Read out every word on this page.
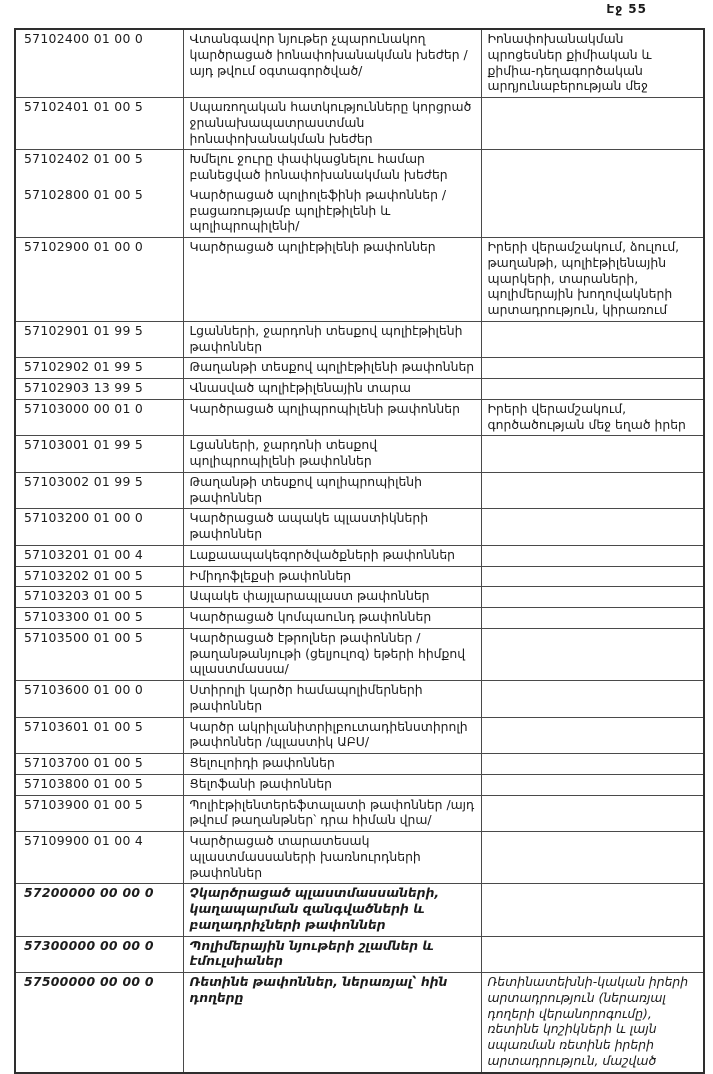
Էջ 55
57102400 01 00 0	Վտանգավոր նյութեր չպարունակող կարծրացած իոնափոխանակման խեժեր /այդ թվում օգտագործված/	Իոնափոխանակման պրոցեսներ քիմիական և քիմիա-դեղագործական արդյունաբերության մեջ
57102401 01 00 5	Սպառողական հատկությունները կորցրած ջրանախապատրաստման իոնափոխանակման խեժեր	
57102402 01 00 5	Խմելու ջուրը փափկացնելու համար բանեցված իոնափոխանակման խեժեր	
57102800 01 00 5	Կարծրացած պոլիոլեֆինի թափոններ /բացառությամբ պոլիէթիլենի և պոլիպրոպիլենի/	
57102900 01 00 0	Կարծրացած պոլիէթիլենի թափոններ	Իրերի վերամշակում, ձուլում, թաղանթի, պոլիէթիլենային պարկերի, տարաների, պոլիմերային խողովակների արտադրություն, կիրառում
57102901 01 99 5	Լցանների, ջարդոնի տեսքով պոլիէթիլենի թափոններ	
57102902 01 99 5	Թաղանթի տեսքով պոլիէթիլենի թափոններ	
57102903 13 99 5	Վնասված պոլիէթիլենային տարա	
57103000 00 01 0	Կարծրացած պոլիպրոպիլենի թափոններ	Իրերի վերամշակում, գործածության մեջ եղած իրեր
57103001 01 99 5	Լցանների, ջարդոնի տեսքով պոլիպրոպիլենի թափոններ	
57103002 01 99 5	Թաղանթի տեսքով պոլիպրոպիլենի թափոններ	
57103200 01 00 0	Կարծրացած ապակե պլաստիկների թափոններ	
57103201 01 00 4	Լաքաապակեգործվածքների թափոններ	
57103202 01 00 5	Իմիդոֆլեքսի թափոններ	
57103203 01 00 5	Ապակե փայլարապլաստ թափոններ	
57103300 01 00 5	Կարծրացած կոմպաունդ թափոններ	
57103500 01 00 5	Կարծրացած էթրոլներ թափոններ /թաղանթանյութի (ցելյուլոզ) եթերի հիմքով պլաստմասսա/	
57103600 01 00 0	Ստիրոլի կարծր համապոլիմերների թափոններ	
57103601 01 00 5	Կարծր ակրիլանիտրիլբուտադիենստիրոլի թափոններ /պլաստիկ ԱԲՍ/	
57103700 01 00 5	Ցելուլոիդի թափոններ	
57103800 01 00 5	Ցելոֆանի թափոններ	
57103900 01 00 5	Պոլիէթիլենտերեֆտալատի թափոններ /այդ թվում թաղանթներ՝ դրա հիման վրա/	
57109900 01 00 4	Կարծրացած տարատեսակ պլաստմասսաների խառնուրդների թափոններ	
57200000 00 00 0	Չկարծրացած պլաստմասսաների, կաղապարման զանգվածների և բաղադրիչների թափոններ	
57300000 00 00 0	Պոլիմերային նյութերի շլամներ և էմուլսիաներ	
57500000 00 00 0	Ռետինե թափոններ, ներառյալ՝ հին դողերը	Ռետինատեխնի-կական իրերի արտադրություն (ներառյալ դողերի վերանորոգումը), ռետինե կոշիկների և լայն սպառման ռետինե իրերի արտադրություն, մաշված
